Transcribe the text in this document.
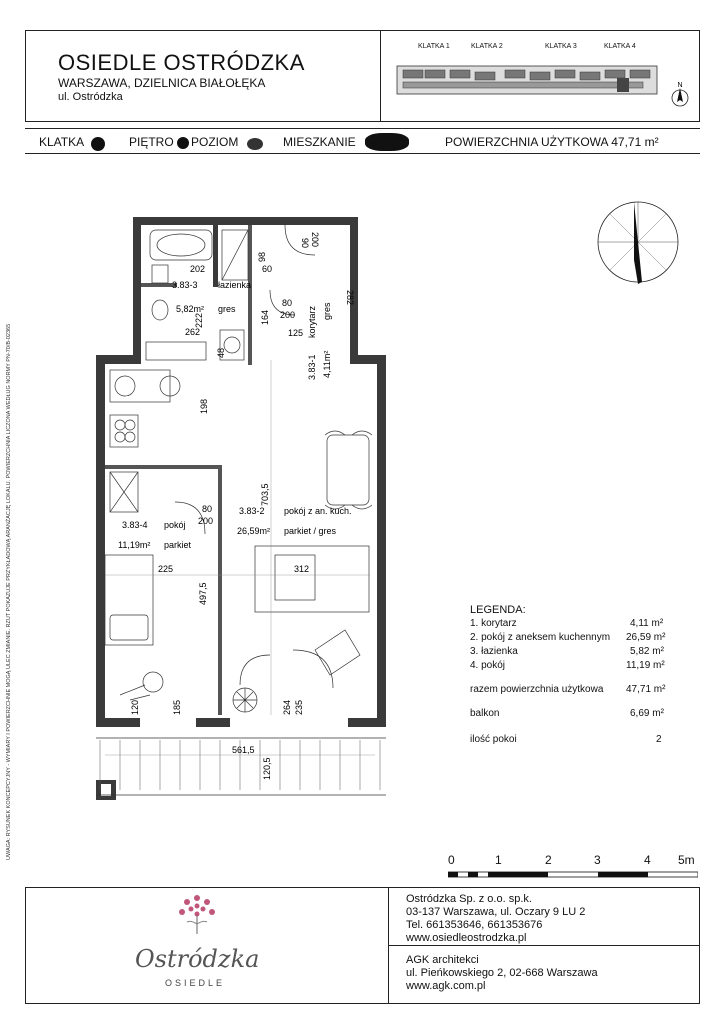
OSIEDLE OSTRÓDZKA
WARSZAWA, DZIELNICA BIAŁOŁĘKA
ul. Ostródzka
KLATKA 1	KLATKA 2	KLATKA 3	KLATKA 4
N
KLATKA	PIĘTRO POZIOM	MIESZKANIE	POWIERZCHNIA UŻYTKOWA 47,71 m²
UWAGA: RYSUNEK KONCEPCYJNY - WYMIARY I POWIERZCHNIE MOGĄ ULEC ZMIANIE. RZUT POKAZUJE PRZYKŁADOWĄ ARANŻACJĘ LOKALU. POWIERZCHNIA LICZONA WEDŁUG NORMY PN-70/B-02365
202
98
60
90 200
282
3.83-3 łazienka
5,82m² gres
222
80
200
164
125
262
48
korytarz gres
3.83-1 4,11m²
198
703,5
80
200
3.83-4 pokój
11,19m² parkiet
3.83-2 pokój z an. kuch.
26,59m² parkiet / gres
225	312
497,5
120	185	264 235
561,5
120,5
LEGENDA:
1. korytarz	4,11 m²
2. pokój z aneksem kuchennym 26,59 m²
3. łazienka	5,82 m²
4. pokój	11,19 m²
razem powierzchnia użytkowa 47,71 m²
balkon	6,69 m²
ilość pokoi	2
0	1	2	3	4 5m
Ostródzka
OSIEDLE
Ostródzka Sp. z o.o. sp.k.
03-137 Warszawa, ul. Oczary 9 LU 2
Tel. 661353646, 661353676
www.osiedleostrodzka.pl
AGK architekci
ul. Pieńkowskiego 2, 02-668 Warszawa
www.agk.com.pl
